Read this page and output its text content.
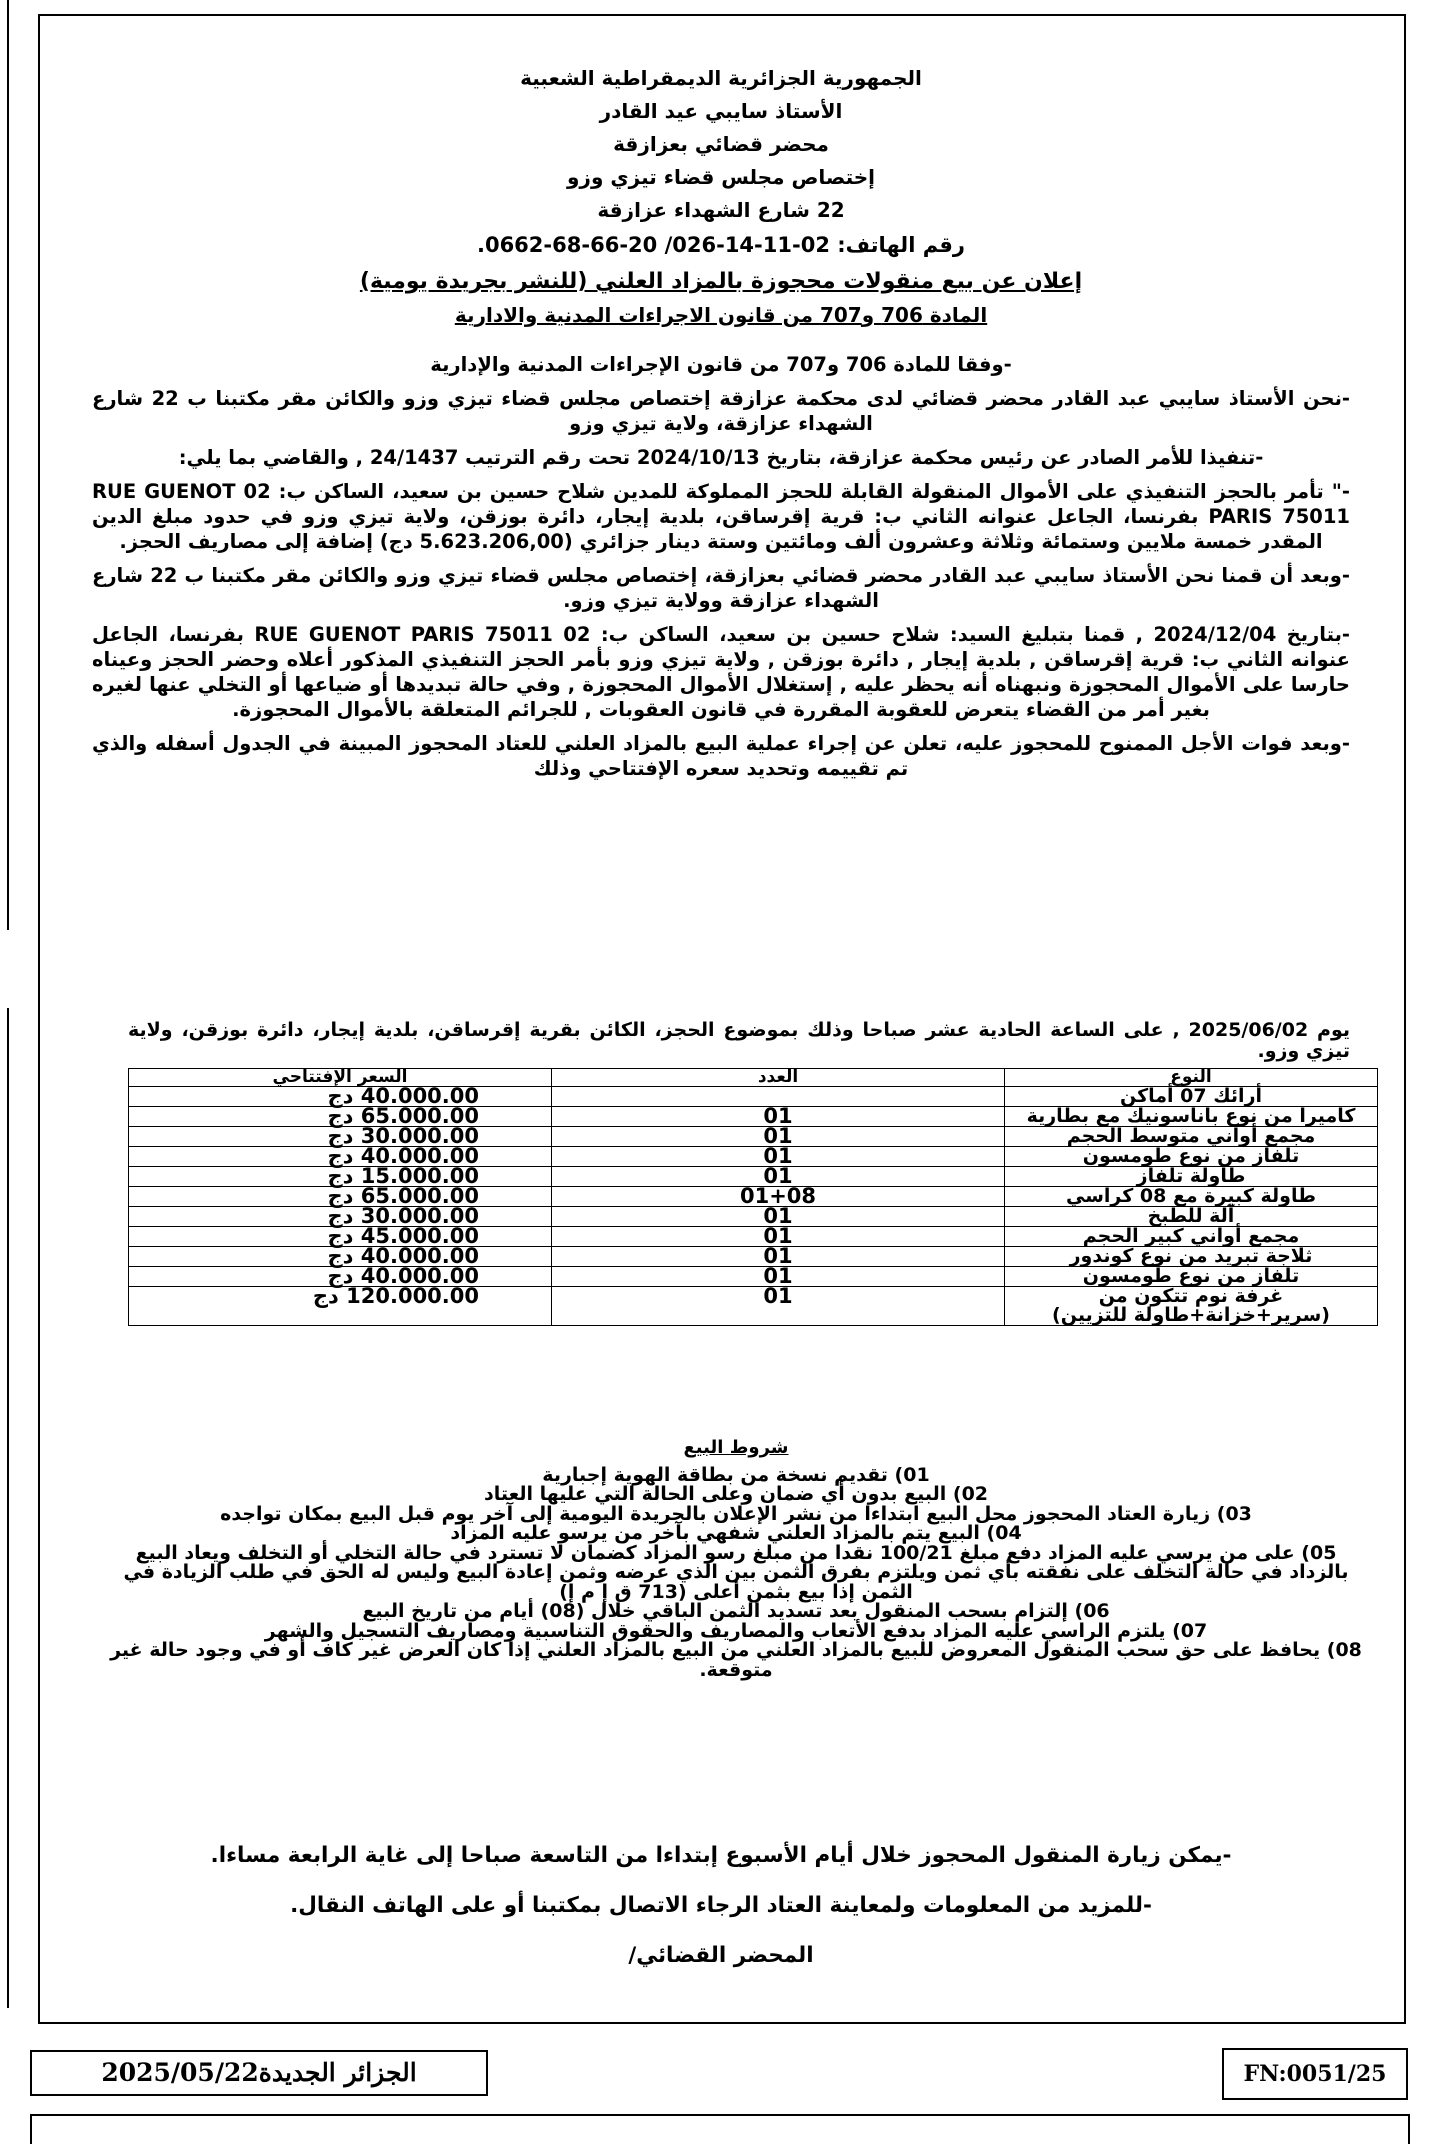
الجمهورية الجزائرية الديمقراطية الشعبية
الأستاذ سايبي عيد القادر
محضر قضائي بعزازقة
إختصاص مجلس قضاء تيزي وزو
22 شارع الشهداء عزازقة
رقم الهاتف: 02-11-14-026/ 20-66-68-0662.
إعلان عن بيع منقولات محجوزة بالمزاد العلني (للنشر بجريدة يومية)
المادة 706 و707 من قانون الاجراءات المدنية والادارية

-وفقا للمادة 706 و707 من قانون الإجراءات المدنية والإدارية

-نحن الأستاذ سايبي عبد القادر محضر قضائي لدى محكمة عزازقة إختصاص مجلس قضاء تيزي وزو والكائن مقر مكتبنا ب 22 شارع الشهداء عزازقة، ولاية تيزي وزو

-تنفيذا للأمر الصادر عن رئيس محكمة عزازقة، بتاريخ 2024/10/13 تحت رقم الترتيب 24/1437 , والقاضي بما يلي:

-" تأمر بالحجز التنفيذي على الأموال المنقولة القابلة للحجز المملوكة للمدين شلاح حسين بن سعيد، الساكن ب: 02 RUE GUENOT PARIS 75011 بفرنسا، الجاعل عنوانه الثاني ب: قرية إقرساقن، بلدية إيجار، دائرة بوزقن، ولاية تيزي وزو في حدود مبلغ الدين المقدر خمسة ملايين وستمائة وثلاثة وعشرون ألف ومائتين وستة دينار جزائري (5.623.206,00 دج) إضافة إلى مصاريف الحجز.

-وبعد أن قمنا نحن الأستاذ سايبي عبد القادر محضر قضائي بعزازقة، إختصاص مجلس قضاء تيزي وزو والكائن مقر مكتبنا ب 22 شارع الشهداء عزازقة وولاية تيزي وزو.

-بتاريخ 2024/12/04 , قمنا بتبليغ السيد: شلاح حسين بن سعيد، الساكن ب: 02 RUE GUENOT PARIS 75011 بفرنسا، الجاعل عنوانه الثاني ب: قرية إقرساقن , بلدية إيجار , دائرة بوزقن , ولاية تيزي وزو بأمر الحجز التنفيذي المذكور أعلاه وحضر الحجز وعيناه حارسا على الأموال المحجوزة ونبهناه أنه يحظر عليه , إستغلال الأموال المحجوزة , وفي حالة تبديدها أو ضياعها أو التخلي عنها لغيره بغير أمر من القضاء يتعرض للعقوبة المقررة في قانون العقوبات , للجرائم المتعلقة بالأموال المحجوزة.

-وبعد فوات الأجل الممنوح للمحجوز عليه، تعلن عن إجراء عملية البيع بالمزاد العلني للعتاد المحجوز المبينة في الجدول أسفله والذي تم تقييمه وتحديد سعره الإفتتاحي وذلك

يوم 2025/06/02 , على الساعة الحادية عشر صباحا وذلك بموضوع الحجز، الكائن بقرية إقرساقن، بلدية إيجار، دائرة بوزقن، ولاية تيزي وزو.
النوع	العدد	السعر الإفتتاحي
أرائك 07 أماكن		40.000.00 دج
كاميرا من نوع باناسونيك مع بطارية	01	65.000.00 دج
مجمع أواني متوسط الحجم	01	30.000.00 دج
تلفاز من نوع طومسون	01	40.000.00 دج
طاولة تلفاز	01	15.000.00 دج
طاولة كبيرة مع 08 كراسي	01+08	65.000.00 دج
آلة للطبخ	01	30.000.00 دج
مجمع أواني كبير الحجم	01	45.000.00 دج
ثلاجة تبريد من نوع كوندور	01	40.000.00 دج
تلفاز من نوع طومسون	01	40.000.00 دج
غرفة نوم تتكون من (سرير+خزانة+طاولة للتزيين)	01	120.000.00 دج
شروط البيع
01) تقديم نسخة من بطاقة الهوية إجبارية
02) البيع بدون أي ضمان وعلى الحالة التي عليها العتاد
03) زيارة العتاد المحجوز محل البيع ابتداءا من نشر الإعلان بالجريدة اليومية إلى آخر يوم قبل البيع بمكان تواجده
04) البيع يتم بالمزاد العلني شفهي بآخر من يرسو عليه المزاد
05) على من يرسي عليه المزاد دفع مبلغ 100/21 نقدا من مبلغ رسو المزاد كضمان لا تسترد في حالة التخلي أو التخلف ويعاد البيع بالزداد في حالة التخلف على نفقته بأي ثمن ويلتزم بفرق الثمن بين الذي عرضه وثمن إعادة البيع وليس له الحق في طلب الزيادة في الثمن إذا بيع بثمن أعلى (713 ق إ م إ)
06) إلتزام بسحب المنقول بعد تسديد الثمن الباقي خلال (08) أيام من تاريخ البيع
07) يلتزم الراسي عليه المزاد بدفع الأتعاب والمصاريف والحقوق التناسبية ومصاريف التسجيل والشهر
08) يحافظ على حق سحب المنقول المعروض للبيع بالمزاد العلني من البيع بالمزاد العلني إذا كان العرض غير كاف أو في وجود حالة غير متوقعة.

-يمكن زيارة المنقول المحجوز خلال أيام الأسبوع إبتداءا من التاسعة صباحا إلى غاية الرابعة مساءا.

-للمزيد من المعلومات ولمعاينة العتاد الرجاء الاتصال بمكتبنا أو على الهاتف النقال.

المحضر القضائي/

الجزائر الجديدة2025/05/22	FN:0051/25
